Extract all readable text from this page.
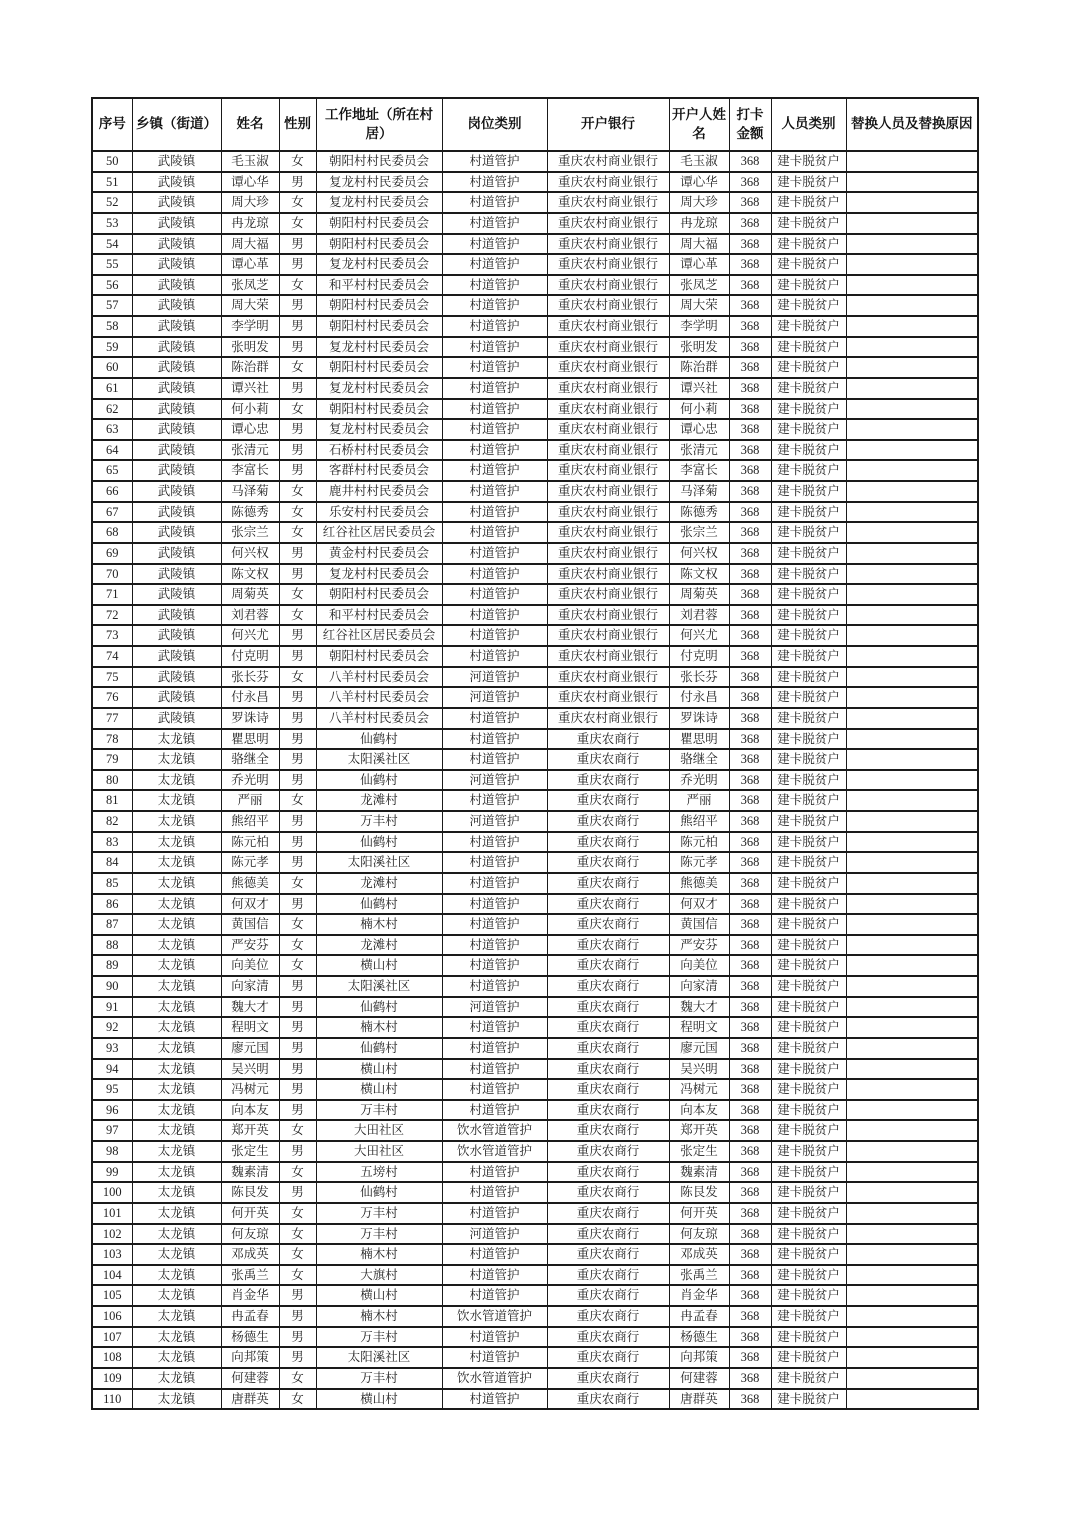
序号	乡镇（街道）	姓名	性别	工作地址（所在村居）	岗位类别	开户银行	开户人姓名	打卡金额	人员类别	替换人员及替换原因
50	武陵镇	毛玉淑	女	朝阳村村民委员会	村道管护	重庆农村商业银行	毛玉淑	368	建卡脱贫户	
51	武陵镇	谭心华	男	复龙村村民委员会	村道管护	重庆农村商业银行	谭心华	368	建卡脱贫户	
52	武陵镇	周大珍	女	复龙村村民委员会	村道管护	重庆农村商业银行	周大珍	368	建卡脱贫户	
53	武陵镇	冉龙琼	女	朝阳村村民委员会	村道管护	重庆农村商业银行	冉龙琼	368	建卡脱贫户	
54	武陵镇	周大福	男	朝阳村村民委员会	村道管护	重庆农村商业银行	周大福	368	建卡脱贫户	
55	武陵镇	谭心革	男	复龙村村民委员会	村道管护	重庆农村商业银行	谭心革	368	建卡脱贫户	
56	武陵镇	张凤芝	女	和平村村民委员会	村道管护	重庆农村商业银行	张凤芝	368	建卡脱贫户	
57	武陵镇	周大荣	男	朝阳村村民委员会	村道管护	重庆农村商业银行	周大荣	368	建卡脱贫户	
58	武陵镇	李学明	男	朝阳村村民委员会	村道管护	重庆农村商业银行	李学明	368	建卡脱贫户	
59	武陵镇	张明发	男	复龙村村民委员会	村道管护	重庆农村商业银行	张明发	368	建卡脱贫户	
60	武陵镇	陈治群	女	朝阳村村民委员会	村道管护	重庆农村商业银行	陈治群	368	建卡脱贫户	
61	武陵镇	谭兴社	男	复龙村村民委员会	村道管护	重庆农村商业银行	谭兴社	368	建卡脱贫户	
62	武陵镇	何小莉	女	朝阳村村民委员会	村道管护	重庆农村商业银行	何小莉	368	建卡脱贫户	
63	武陵镇	谭心忠	男	复龙村村民委员会	村道管护	重庆农村商业银行	谭心忠	368	建卡脱贫户	
64	武陵镇	张清元	男	石桥村村民委员会	村道管护	重庆农村商业银行	张清元	368	建卡脱贫户	
65	武陵镇	李富长	男	客群村村民委员会	村道管护	重庆农村商业银行	李富长	368	建卡脱贫户	
66	武陵镇	马泽菊	女	鹿井村村民委员会	村道管护	重庆农村商业银行	马泽菊	368	建卡脱贫户	
67	武陵镇	陈德秀	女	乐安村村民委员会	村道管护	重庆农村商业银行	陈德秀	368	建卡脱贫户	
68	武陵镇	张宗兰	女	红谷社区居民委员会	村道管护	重庆农村商业银行	张宗兰	368	建卡脱贫户	
69	武陵镇	何兴权	男	黄金村村民委员会	村道管护	重庆农村商业银行	何兴权	368	建卡脱贫户	
70	武陵镇	陈文权	男	复龙村村民委员会	村道管护	重庆农村商业银行	陈文权	368	建卡脱贫户	
71	武陵镇	周菊英	女	朝阳村村民委员会	村道管护	重庆农村商业银行	周菊英	368	建卡脱贫户	
72	武陵镇	刘君蓉	女	和平村村民委员会	村道管护	重庆农村商业银行	刘君蓉	368	建卡脱贫户	
73	武陵镇	何兴尤	男	红谷社区居民委员会	村道管护	重庆农村商业银行	何兴尤	368	建卡脱贫户	
74	武陵镇	付克明	男	朝阳村村民委员会	村道管护	重庆农村商业银行	付克明	368	建卡脱贫户	
75	武陵镇	张长芬	女	八羊村村民委员会	河道管护	重庆农村商业银行	张长芬	368	建卡脱贫户	
76	武陵镇	付永昌	男	八羊村村民委员会	河道管护	重庆农村商业银行	付永昌	368	建卡脱贫户	
77	武陵镇	罗诛诗	男	八羊村村民委员会	村道管护	重庆农村商业银行	罗诛诗	368	建卡脱贫户	
78	太龙镇	瞿思明	男	仙鹤村	村道管护	重庆农商行	瞿思明	368	建卡脱贫户	
79	太龙镇	骆继全	男	太阳溪社区	村道管护	重庆农商行	骆继全	368	建卡脱贫户	
80	太龙镇	乔光明	男	仙鹤村	河道管护	重庆农商行	乔光明	368	建卡脱贫户	
81	太龙镇	严丽	女	龙滩村	村道管护	重庆农商行	严丽	368	建卡脱贫户	
82	太龙镇	熊绍平	男	万丰村	河道管护	重庆农商行	熊绍平	368	建卡脱贫户	
83	太龙镇	陈元柏	男	仙鹤村	村道管护	重庆农商行	陈元柏	368	建卡脱贫户	
84	太龙镇	陈元孝	男	太阳溪社区	村道管护	重庆农商行	陈元孝	368	建卡脱贫户	
85	太龙镇	熊德美	女	龙滩村	村道管护	重庆农商行	熊德美	368	建卡脱贫户	
86	太龙镇	何双才	男	仙鹤村	村道管护	重庆农商行	何双才	368	建卡脱贫户	
87	太龙镇	黄国信	女	楠木村	村道管护	重庆农商行	黄国信	368	建卡脱贫户	
88	太龙镇	严安芬	女	龙滩村	村道管护	重庆农商行	严安芬	368	建卡脱贫户	
89	太龙镇	向美位	女	横山村	村道管护	重庆农商行	向美位	368	建卡脱贫户	
90	太龙镇	向家清	男	太阳溪社区	村道管护	重庆农商行	向家清	368	建卡脱贫户	
91	太龙镇	魏大才	男	仙鹤村	河道管护	重庆农商行	魏大才	368	建卡脱贫户	
92	太龙镇	程明文	男	楠木村	村道管护	重庆农商行	程明文	368	建卡脱贫户	
93	太龙镇	廖元国	男	仙鹤村	村道管护	重庆农商行	廖元国	368	建卡脱贫户	
94	太龙镇	吴兴明	男	横山村	村道管护	重庆农商行	吴兴明	368	建卡脱贫户	
95	太龙镇	冯树元	男	横山村	村道管护	重庆农商行	冯树元	368	建卡脱贫户	
96	太龙镇	向本友	男	万丰村	村道管护	重庆农商行	向本友	368	建卡脱贫户	
97	太龙镇	郑开英	女	大田社区	饮水管道管护	重庆农商行	郑开英	368	建卡脱贫户	
98	太龙镇	张定生	男	大田社区	饮水管道管护	重庆农商行	张定生	368	建卡脱贫户	
99	太龙镇	魏素清	女	五塝村	村道管护	重庆农商行	魏素清	368	建卡脱贫户	
100	太龙镇	陈艮发	男	仙鹤村	村道管护	重庆农商行	陈艮发	368	建卡脱贫户	
101	太龙镇	何开英	女	万丰村	村道管护	重庆农商行	何开英	368	建卡脱贫户	
102	太龙镇	何友琼	女	万丰村	河道管护	重庆农商行	何友琼	368	建卡脱贫户	
103	太龙镇	邓成英	女	楠木村	村道管护	重庆农商行	邓成英	368	建卡脱贫户	
104	太龙镇	张禹兰	女	大旗村	村道管护	重庆农商行	张禹兰	368	建卡脱贫户	
105	太龙镇	肖金华	男	横山村	村道管护	重庆农商行	肖金华	368	建卡脱贫户	
106	太龙镇	冉孟春	男	楠木村	饮水管道管护	重庆农商行	冉孟春	368	建卡脱贫户	
107	太龙镇	杨德生	男	万丰村	村道管护	重庆农商行	杨德生	368	建卡脱贫户	
108	太龙镇	向邦策	男	太阳溪社区	村道管护	重庆农商行	向邦策	368	建卡脱贫户	
109	太龙镇	何建蓉	女	万丰村	饮水管道管护	重庆农商行	何建蓉	368	建卡脱贫户	
110	太龙镇	唐群英	女	横山村	村道管护	重庆农商行	唐群英	368	建卡脱贫户	
